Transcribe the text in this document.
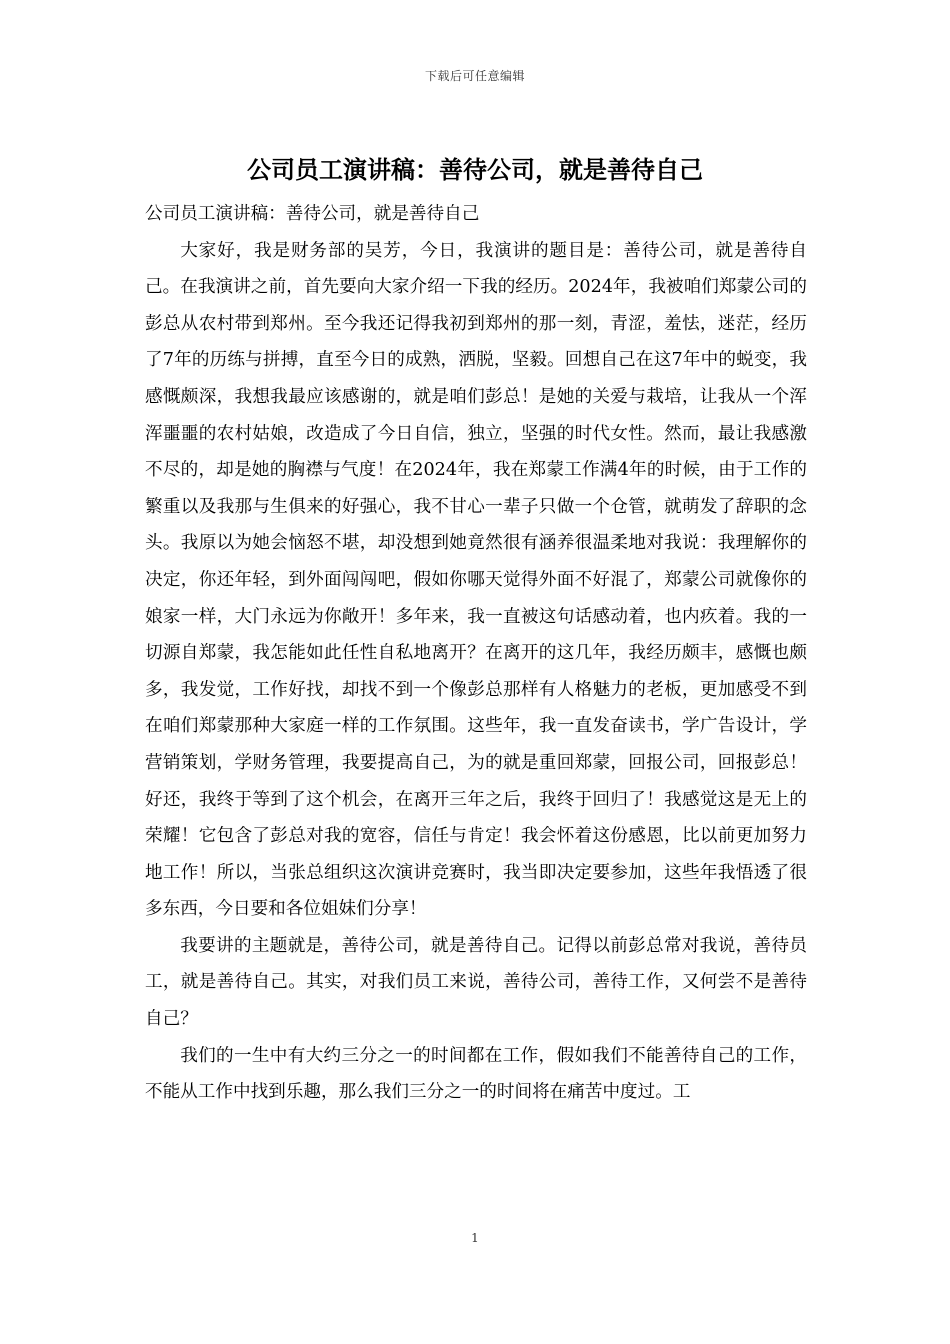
下载后可任意编辑
公司员工演讲稿：善待公司，就是善待自己

公司员工演讲稿：善待公司，就是善待自己

大家好，我是财务部的吴芳，今日，我演讲的题目是：善待公司，就是善待自己。在我演讲之前，首先要向大家介绍一下我的经历。2024年，我被咱们郑蒙公司的彭总从农村带到郑州。至今我还记得我初到郑州的那一刻，青涩，羞怯，迷茫，经历了7年的历练与拼搏，直至今日的成熟，洒脱，坚毅。回想自己在这7年中的蜕变，我感慨颇深，我想我最应该感谢的，就是咱们彭总！是她的关爱与栽培，让我从一个浑浑噩噩的农村姑娘，改造成了今日自信，独立，坚强的时代女性。然而，最让我感激不尽的，却是她的胸襟与气度！在2024年，我在郑蒙工作满4年的时候，由于工作的繁重以及我那与生俱来的好强心，我不甘心一辈子只做一个仓管，就萌发了辞职的念头。我原以为她会恼怒不堪，却没想到她竟然很有涵养很温柔地对我说：我理解你的决定，你还年轻，到外面闯闯吧，假如你哪天觉得外面不好混了，郑蒙公司就像你的娘家一样，大门永远为你敞开！多年来，我一直被这句话感动着，也内疚着。我的一切源自郑蒙，我怎能如此任性自私地离开？在离开的这几年，我经历颇丰，感慨也颇多，我发觉，工作好找，却找不到一个像彭总那样有人格魅力的老板，更加感受不到在咱们郑蒙那种大家庭一样的工作氛围。这些年，我一直发奋读书，学广告设计，学营销策划，学财务管理，我要提高自己，为的就是重回郑蒙，回报公司，回报彭总！好还，我终于等到了这个机会，在离开三年之后，我终于回归了！我感觉这是无上的荣耀！它包含了彭总对我的宽容，信任与肯定！我会怀着这份感恩，比以前更加努力地工作！所以，当张总组织这次演讲竞赛时，我当即决定要参加，这些年我悟透了很多东西，今日要和各位姐妹们分享！

我要讲的主题就是，善待公司，就是善待自己。记得以前彭总常对我说，善待员工，就是善待自己。其实，对我们员工来说，善待公司，善待工作，又何尝不是善待自己？

我们的一生中有大约三分之一的时间都在工作，假如我们不能善待自己的工作，不能从工作中找到乐趣，那么我们三分之一的时间将在痛苦中度过。工

1
